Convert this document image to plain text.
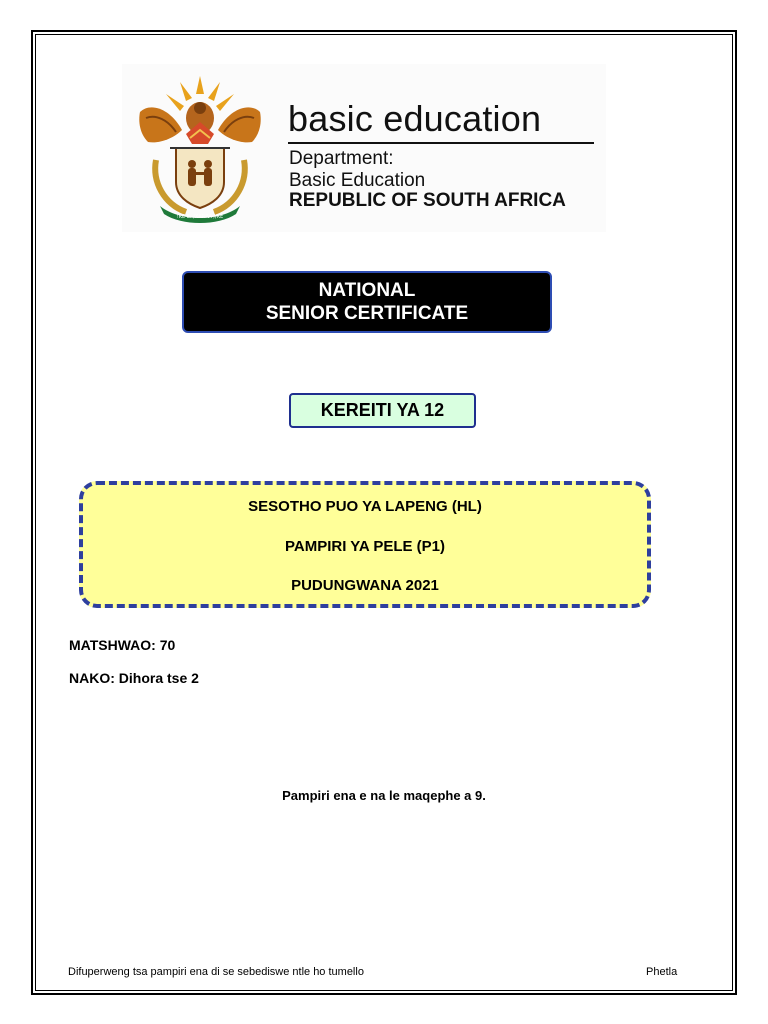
!KE E: /XARRA //KE
basic education
Department:
Basic Education
REPUBLIC OF SOUTH AFRICA
NATIONAL
SENIOR CERTIFICATE
KEREITI YA 12
SESOTHO PUO YA LAPENG (HL)
PAMPIRI YA PELE (P1)
PUDUNGWANA 2021
MATSHWAO: 70
NAKO: Dihora tse 2
Pampiri ena e na le maqephe a 9.
Difuperweng tsa pampiri ena di se sebediswe ntle ho tumello	Phetla
